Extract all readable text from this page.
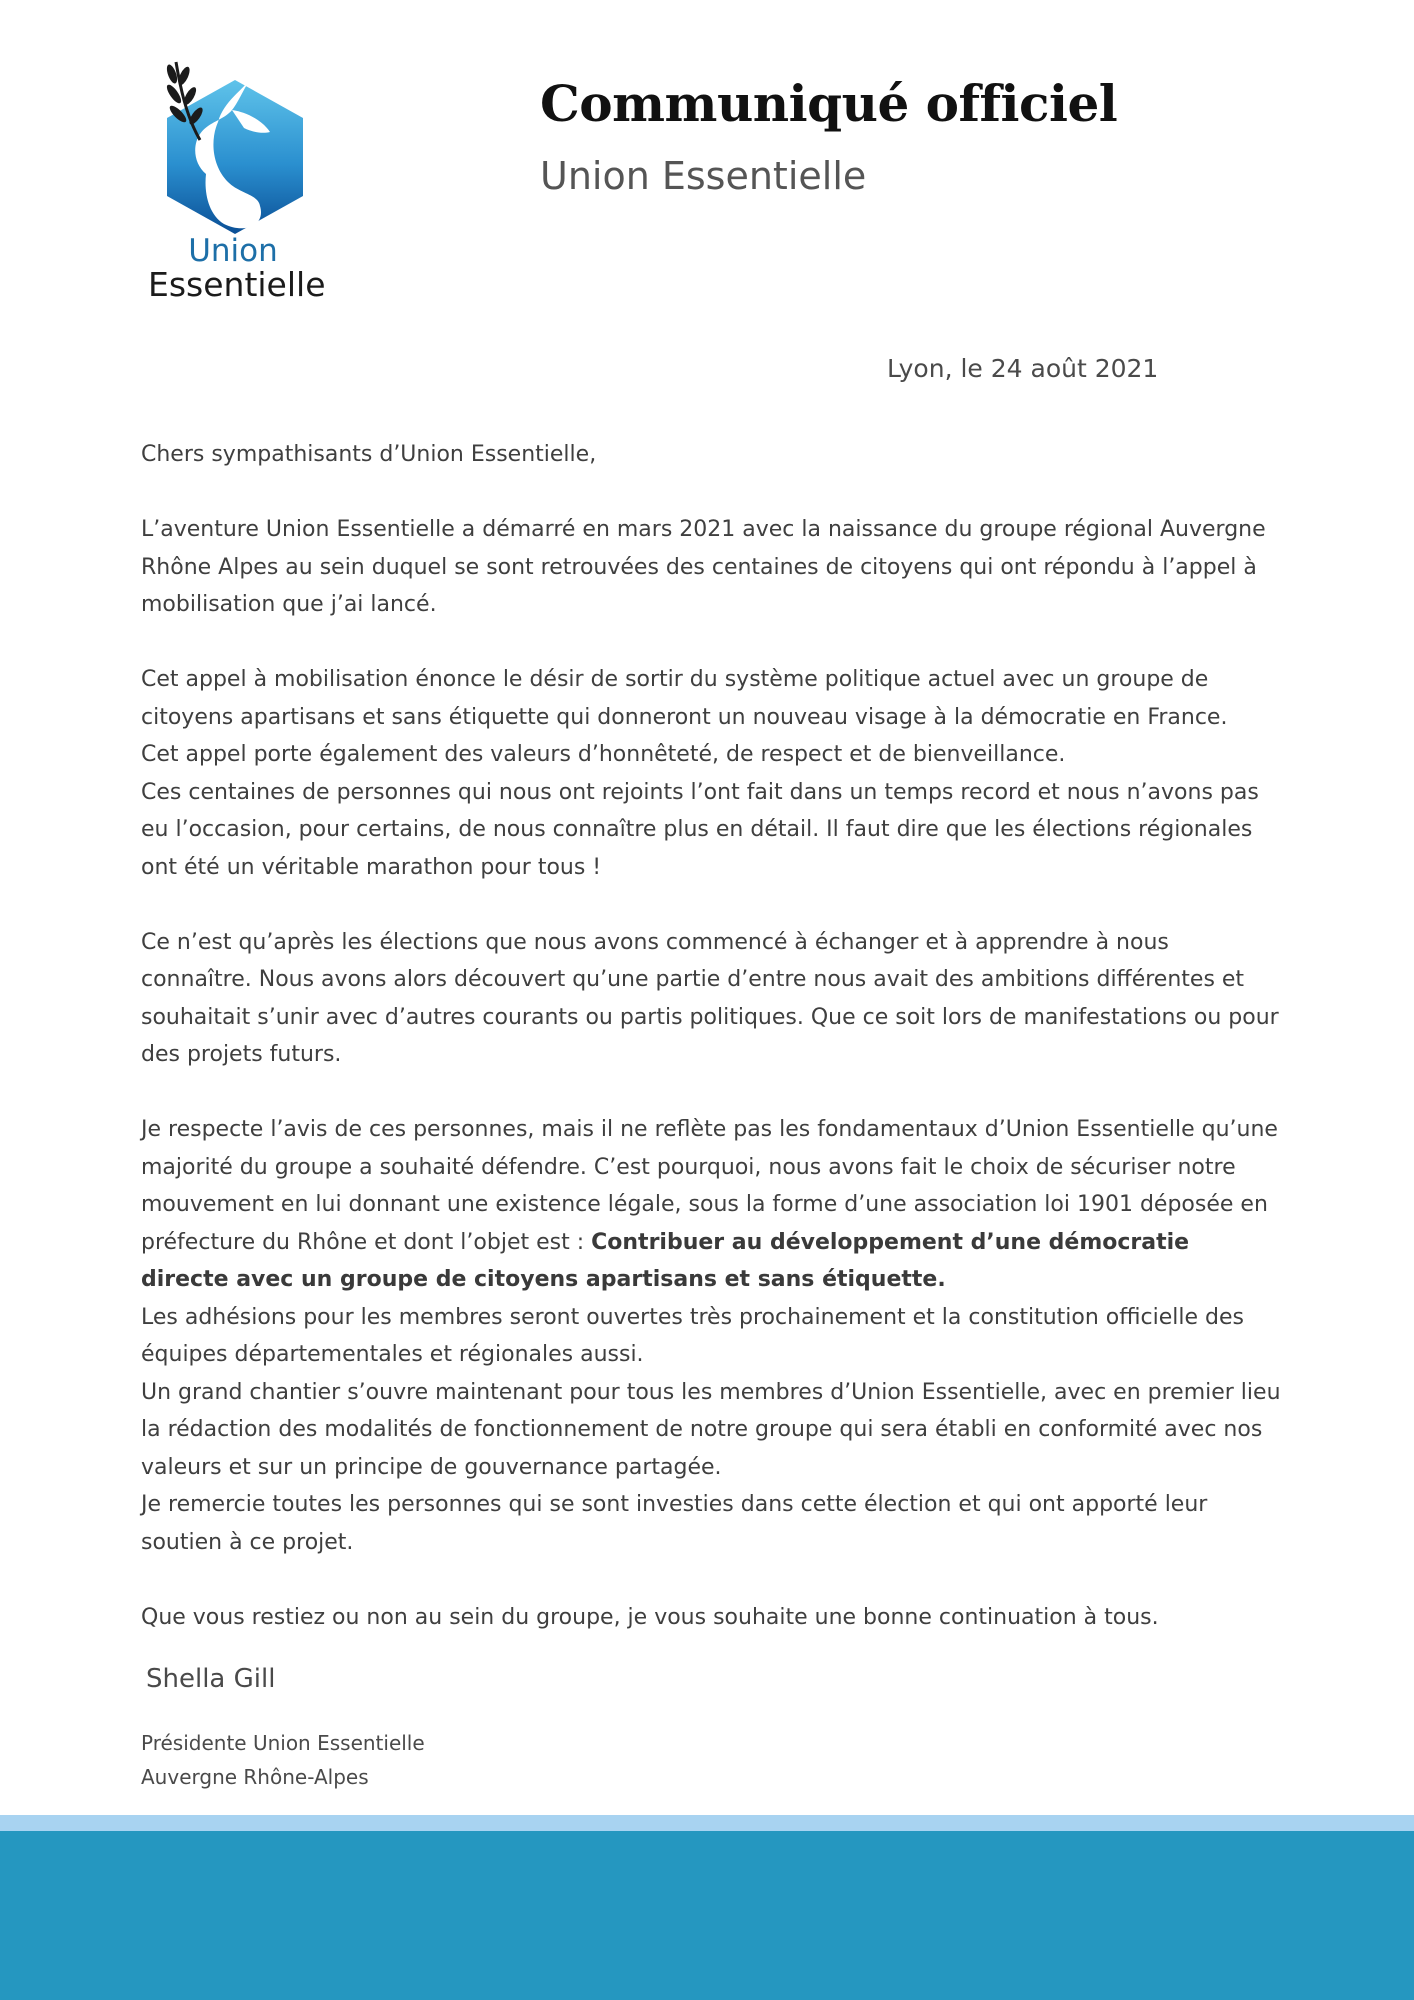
Union
Essentielle
Communiqué officiel
Union Essentielle
Lyon, le 24 août 2021

Chers sympathisants d’Union Essentielle,

L’aventure Union Essentielle a démarré en mars 2021 avec la naissance du groupe régional Auvergne Rhône Alpes au sein duquel se sont retrouvées des centaines de citoyens qui ont répondu à l’appel à mobilisation que j’ai lancé.

Cet appel à mobilisation énonce le désir de sortir du système politique actuel avec un groupe de citoyens apartisans et sans étiquette qui donneront un nouveau visage à la démocratie en France.

Cet appel porte également des valeurs d’honnêteté, de respect et de bienveillance.

Ces centaines de personnes qui nous ont rejoints l’ont fait dans un temps record et nous n’avons pas eu l’occasion, pour certains, de nous connaître plus en détail. Il faut dire que les élections régionales ont été un véritable marathon pour tous !

Ce n’est qu’après les élections que nous avons commencé à échanger et à apprendre à nous connaître. Nous avons alors découvert qu’une partie d’entre nous avait des ambitions différentes et souhaitait s’unir avec d’autres courants ou partis politiques. Que ce soit lors de manifestations ou pour des projets futurs.

Je respecte l’avis de ces personnes, mais il ne reflète pas les fondamentaux d’Union Essentielle qu’une majorité du groupe a souhaité défendre. C’est pourquoi, nous avons fait le choix de sécuriser notre mouvement en lui donnant une existence légale, sous la forme d’une association loi 1901 déposée en préfecture du Rhône et dont l’objet est : Contribuer au développement d’une démocratie directe avec un groupe de citoyens apartisans et sans étiquette.

Les adhésions pour les membres seront ouvertes très prochainement et la constitution officielle des équipes départementales et régionales aussi.

Un grand chantier s’ouvre maintenant pour tous les membres d’Union Essentielle, avec en premier lieu la rédaction des modalités de fonctionnement de notre groupe qui sera établi en conformité avec nos valeurs et sur un principe de gouvernance partagée.

Je remercie toutes les personnes qui se sont investies dans cette élection et qui ont apporté leur soutien à ce projet.

Que vous restiez ou non au sein du groupe, je vous souhaite une bonne continuation à tous.

Shella Gill
Présidente Union Essentielle
Auvergne Rhône-Alpes
